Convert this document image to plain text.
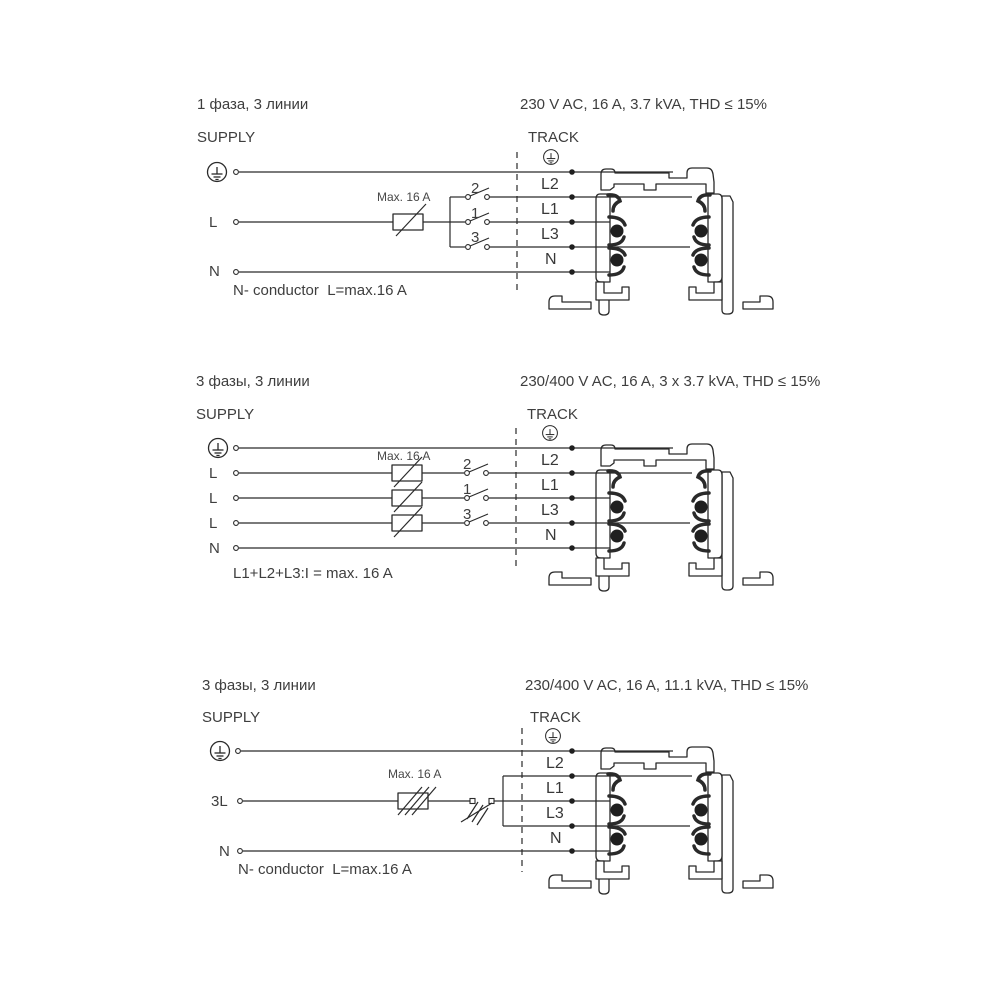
1 фаза, 3 линии	230 V AC, 16 A, 3.7 kVA, THD ≤ 15%
SUPPLY	TRACK
L
N
Max. 16 A	2
1
3
L2
L1
L3
N
N- conductor  L=max.16 A
3 фазы, 3 линии	230/400 V AC, 16 A, 3 x 3.7 kVA, THD ≤ 15%
SUPPLY	TRACK
L
L
L
N
Max. 16 A 2
1
3
L2
L1
L3
N
L1+L2+L3:I = max. 16 A
3 фазы, 3 линии	230/400 V AC, 16 A, 11.1 kVA, THD ≤ 15%
SUPPLY	TRACK
3L
N
Max. 16 A
L2
L1
L3
N
N- conductor  L=max.16 A
